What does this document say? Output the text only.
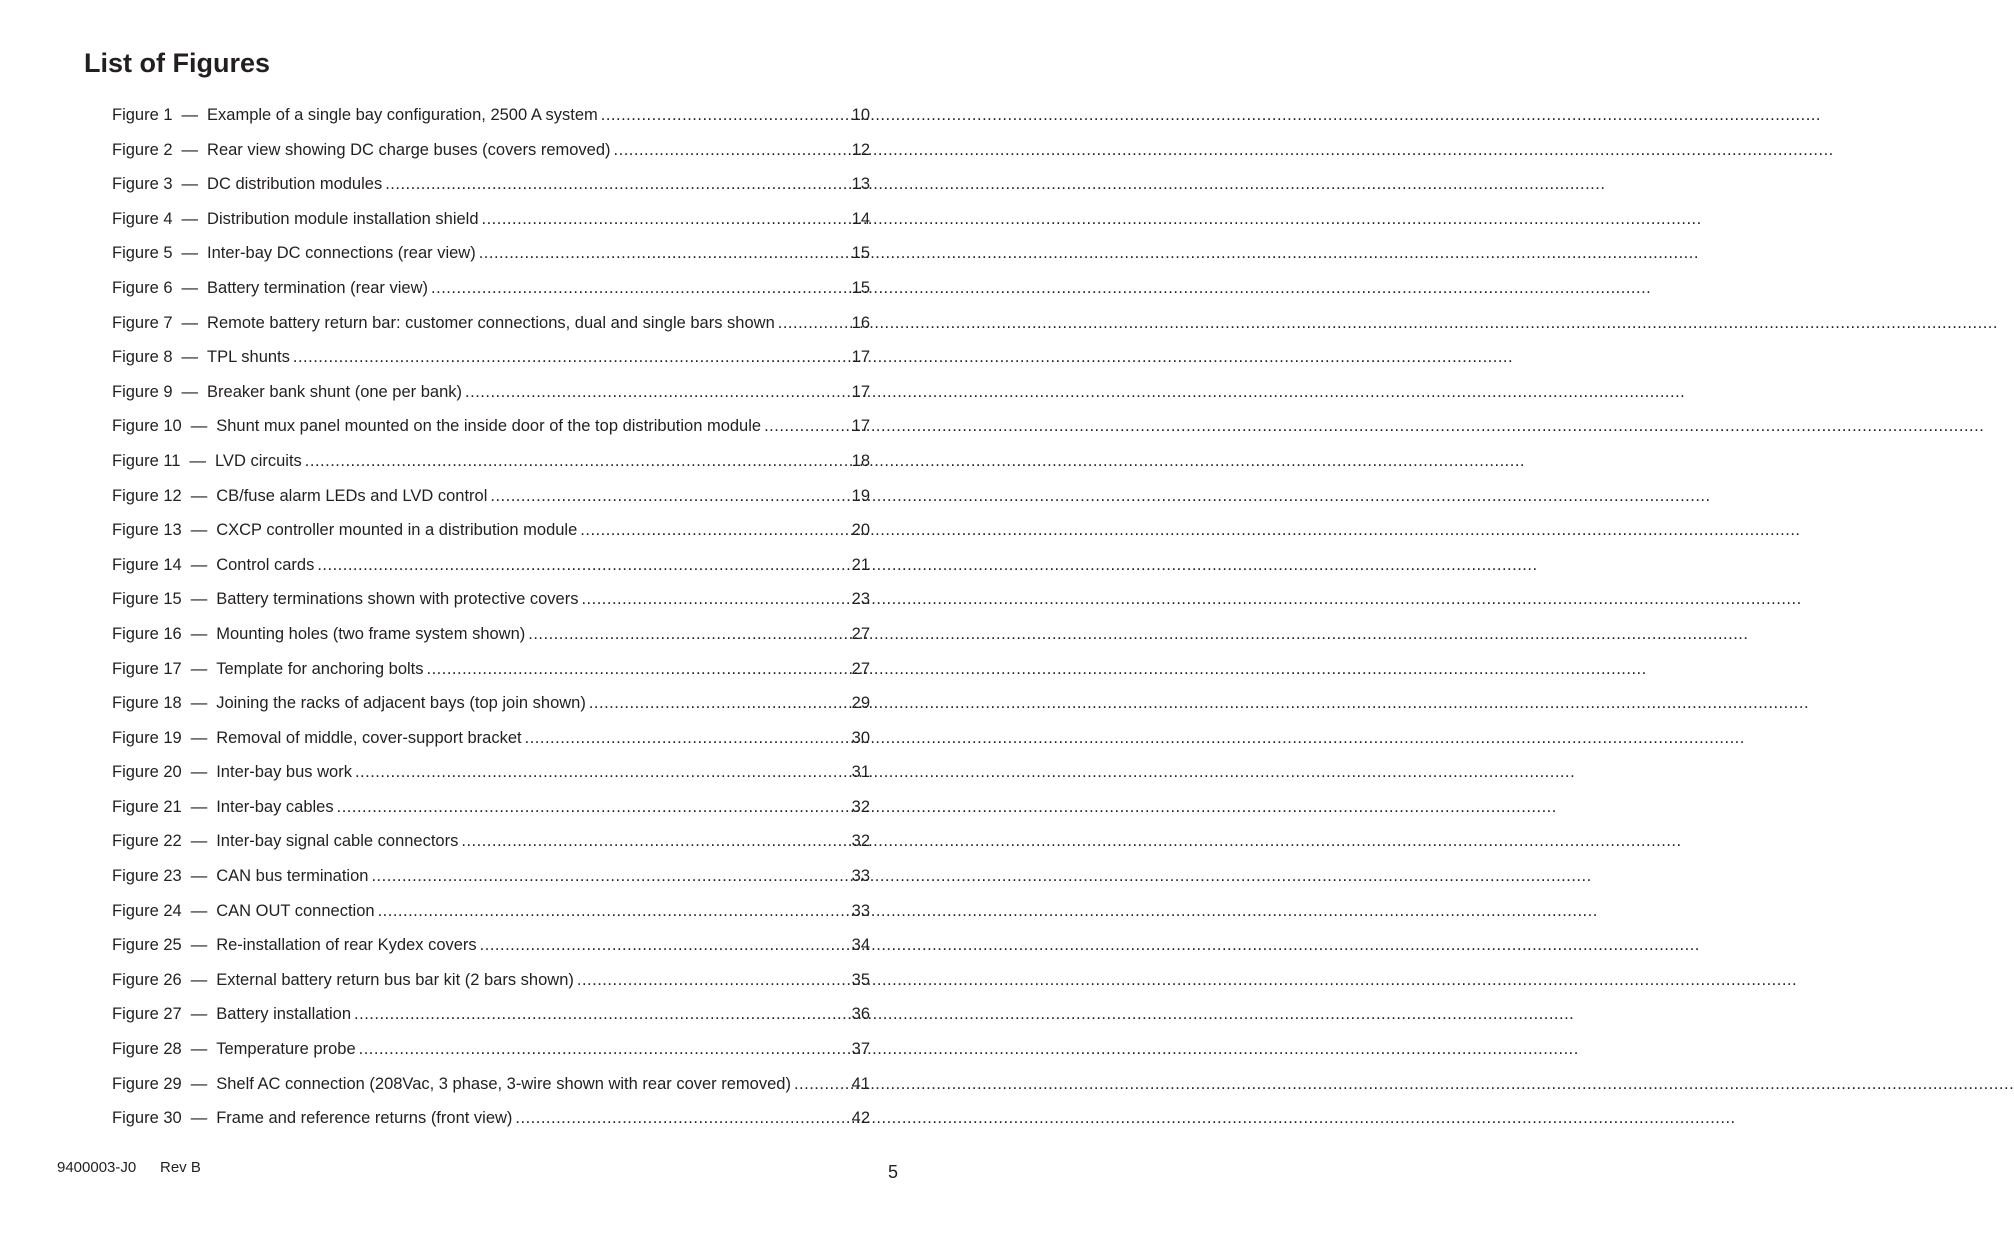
List of Figures
Figure 1 — Example of a single bay configuration, 2500 A system .....	10
Figure 2 — Rear view showing DC charge buses (covers removed) .....	12
Figure 3 — DC distribution modules .....	13
Figure 4 — Distribution module installation shield .....	14
Figure 5 — Inter-bay DC connections (rear view) .....	15
Figure 6 — Battery termination (rear view) .....	15
Figure 7 — Remote battery return bar: customer connections, dual and single bars shown .....	16
Figure 8 — TPL shunts .....	17
Figure 9 — Breaker bank shunt (one per bank) .....	17
Figure 10 — Shunt mux panel mounted on the inside door of the top distribution module .....	17
Figure 11 — LVD circuits .....	18
Figure 12 — CB/fuse alarm LEDs and LVD control .....	19
Figure 13 — CXCP controller mounted in a distribution module .....	20
Figure 14 — Control cards .....	21
Figure 15 — Battery terminations shown with protective covers .....	23
Figure 16 — Mounting holes (two frame system shown) .....	27
Figure 17 — Template for anchoring bolts .....	27
Figure 18 — Joining the racks of adjacent bays (top join shown) .....	29
Figure 19 — Removal of middle, cover-support bracket .....	30
Figure 20 — Inter-bay bus work .....	31
Figure 21 — Inter-bay cables .....	32
Figure 22 — Inter-bay signal cable connectors .....	32
Figure 23 — CAN bus termination .....	33
Figure 24 — CAN OUT connection .....	33
Figure 25 — Re-installation of rear Kydex covers .....	34
Figure 26 — External battery return bus bar kit (2 bars shown) .....	35
Figure 27 — Battery installation .....	36
Figure 28 — Temperature probe .....	37
Figure 29 — Shelf AC connection (208Vac, 3 phase, 3-wire shown with rear cover removed) .....	41
Figure 30 — Frame and reference returns (front view) .....	42
9400003-J0 Rev B	5
